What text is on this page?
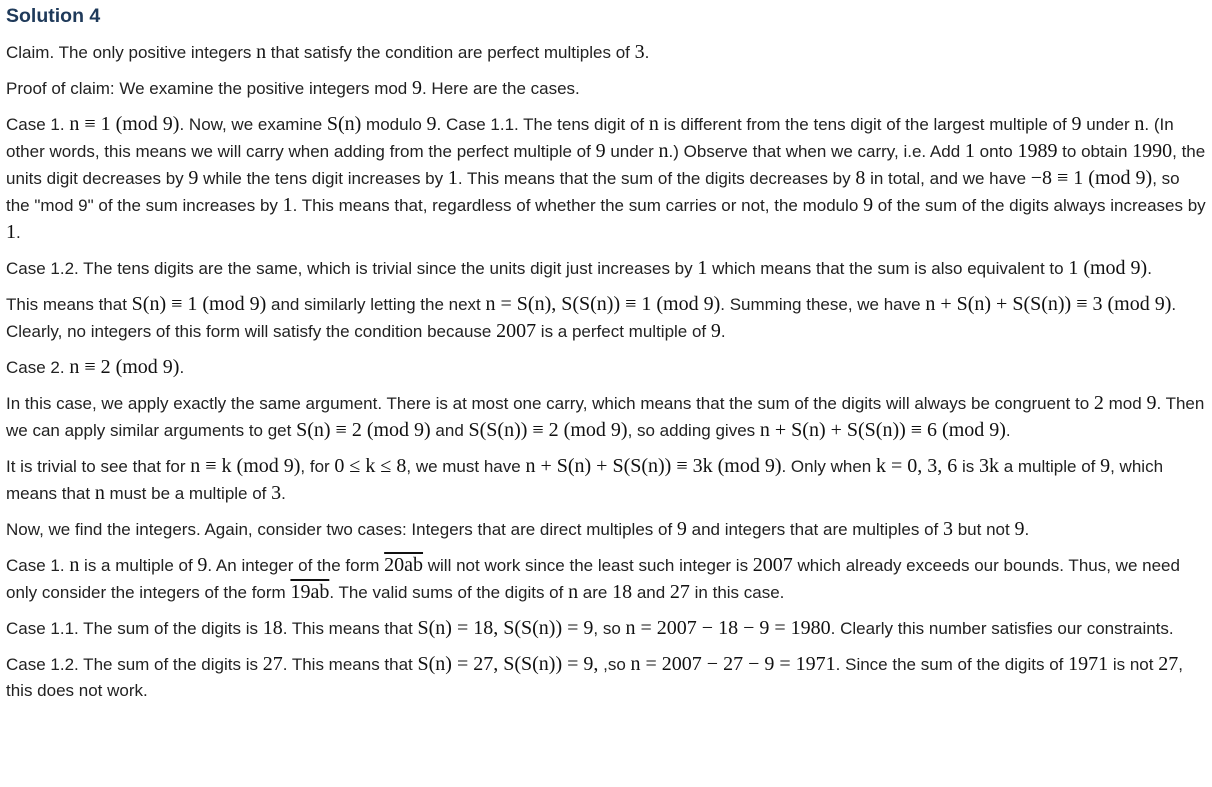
Solution 4

Claim. The only positive integers n that satisfy the condition are perfect multiples of 3.

Proof of claim: We examine the positive integers mod 9. Here are the cases.

Case 1. n ≡ 1 (mod 9). Now, we examine S(n) modulo 9. Case 1.1. The tens digit of n is different from the tens digit of the largest multiple of 9 under n. (In other words, this means we will carry when adding from the perfect multiple of 9 under n.) Observe that when we carry, i.e. Add 1 onto 1989 to obtain 1990, the units digit decreases by 9 while the tens digit increases by 1. This means that the sum of the digits decreases by 8 in total, and we have −8 ≡ 1 (mod 9), so the "mod 9" of the sum increases by 1. This means that, regardless of whether the sum carries or not, the modulo 9 of the sum of the digits always increases by 1.

Case 1.2. The tens digits are the same, which is trivial since the units digit just increases by 1 which means that the sum is also equivalent to 1 (mod 9).

This means that S(n) ≡ 1 (mod 9) and similarly letting the next n = S(n), S(S(n)) ≡ 1 (mod 9). Summing these, we have n + S(n) + S(S(n)) ≡ 3 (mod 9). Clearly, no integers of this form will satisfy the condition because 2007 is a perfect multiple of 9.

Case 2. n ≡ 2 (mod 9).

In this case, we apply exactly the same argument. There is at most one carry, which means that the sum of the digits will always be congruent to 2 mod 9. Then we can apply similar arguments to get S(n) ≡ 2 (mod 9) and S(S(n)) ≡ 2 (mod 9), so adding gives n + S(n) + S(S(n)) ≡ 6 (mod 9).

It is trivial to see that for n ≡ k (mod 9), for 0 ≤ k ≤ 8, we must have n + S(n) + S(S(n)) ≡ 3k (mod 9). Only when k = 0, 3, 6 is 3k a multiple of 9, which means that n must be a multiple of 3.

Now, we find the integers. Again, consider two cases: Integers that are direct multiples of 9 and integers that are multiples of 3 but not 9.

Case 1. n is a multiple of 9. An integer of the form 20ab will not work since the least such integer is 2007 which already exceeds our bounds. Thus, we need only consider the integers of the form 19ab. The valid sums of the digits of n are 18 and 27 in this case.

Case 1.1. The sum of the digits is 18. This means that S(n) = 18, S(S(n)) = 9, so n = 2007 − 18 − 9 = 1980. Clearly this number satisfies our constraints.

Case 1.2. The sum of the digits is 27. This means that S(n) = 27, S(S(n)) = 9, ,so n = 2007 − 27 − 9 = 1971. Since the sum of the digits of 1971 is not 27, this does not work.
